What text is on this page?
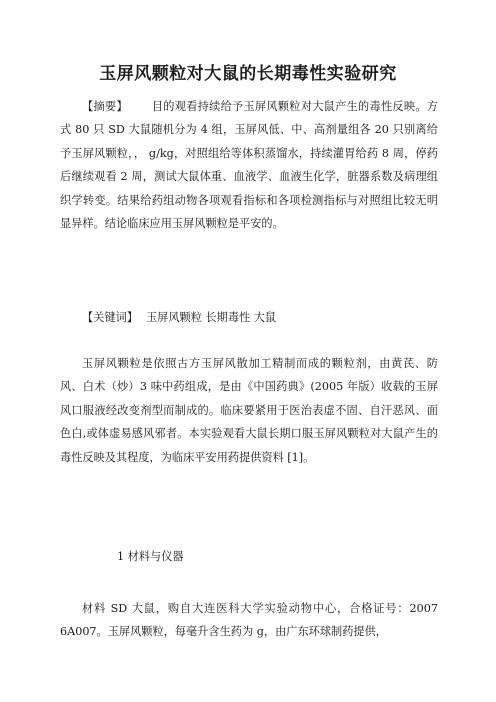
玉屏风颗粒对大鼠的长期毒性实验研究

【摘要】 目的观看持续给予玉屏风颗粒对大鼠产生的毒性反映。方式 80 只 SD 大鼠随机分为 4 组，玉屏风低、中、高剂量组各 20 只别离给予玉屏风颗粒，， g/kg，对照组给等体积蒸馏水，持续灌胃给药 8 周，停药后继续观看 2 周，测试大鼠体重、血液学、血液生化学，脏器系数及病理组织学转变。结果给药组动物各项观看指标和各项检测指标与对照组比较无明显异样。结论临床应用玉屏风颗粒是平安的。

【关键词】 玉屏风颗粒 长期毒性 大鼠

玉屏风颗粒是依照古方玉屏风散加工精制而成的颗粒剂，由黄芪、防风、白术（炒）3 味中药组成，是由《中国药典》(2005 年版）收载的玉屏风口服液经改变剂型而制成的。临床要紧用于医治表虚不固、自汗恶风、面色白,或体虚易感风邪者。本实验观看大鼠长期口服玉屏风颗粒对大鼠产生的毒性反映及其程度，为临床平安用药提供资料 [1]。

1 材料与仪器

材料 SD 大鼠，购自大连医科大学实验动物中心，合格证号：2007 6A007。玉屏风颗粒，每毫升含生药为 g，由广东环球制药提供，
